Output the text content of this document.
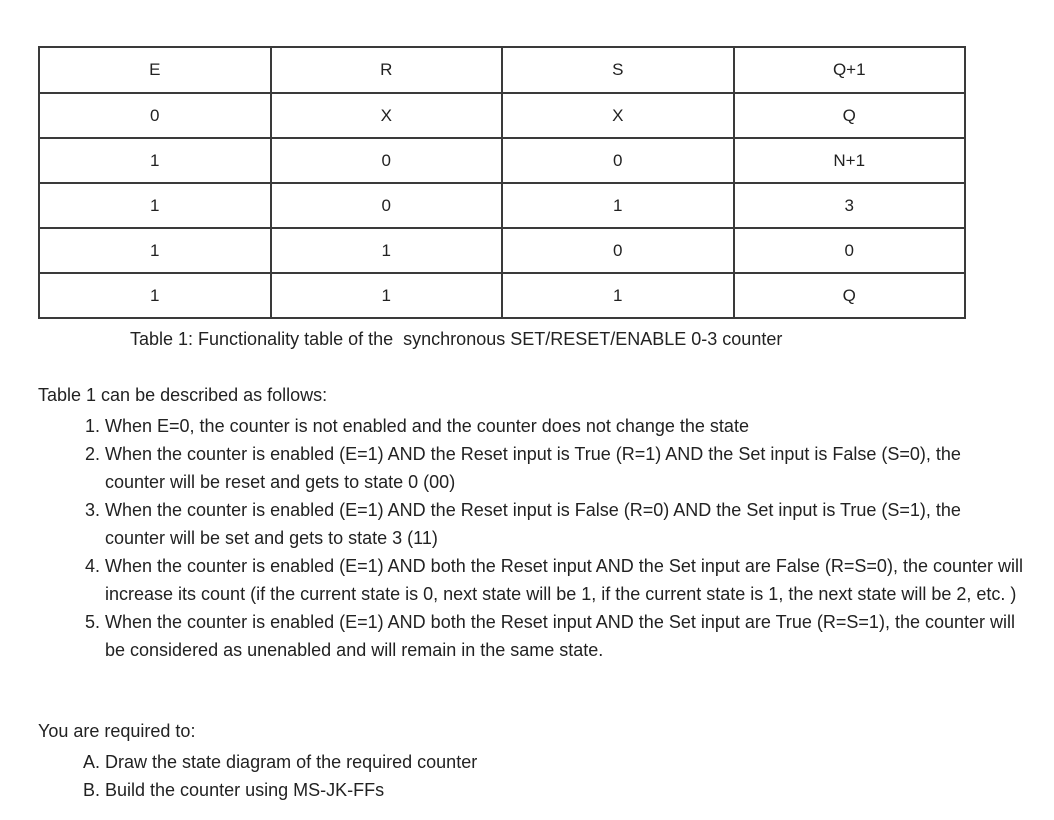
E	R	S	Q+1
0	X	X	Q
1	0	0	N+1
1	0	1	3
1	1	0	0
1	1	1	Q
Table 1: Functionality table of the  synchronous SET/RESET/ENABLE 0-3 counter
Table 1 can be described as follows:
1. When E=0, the counter is not enabled and the counter does not change the state
2. When the counter is enabled (E=1) AND the Reset input is True (R=1) AND the Set input is False (S=0), the counter will be reset and gets to state 0 (00)
3. When the counter is enabled (E=1) AND the Reset input is False (R=0) AND the Set input is True (S=1), the counter will be set and gets to state 3 (11)
4. When the counter is enabled (E=1) AND both the Reset input AND the Set input are False (R=S=0), the counter will increase its count (if the current state is 0, next state will be 1, if the current state is 1, the next state will be 2, etc. )
5. When the counter is enabled (E=1) AND both the Reset input AND the Set input are True (R=S=1), the counter will be considered as unenabled and will remain in the same state.
You are required to:
A. Draw the state diagram of the required counter
B. Build the counter using MS-JK-FFs
